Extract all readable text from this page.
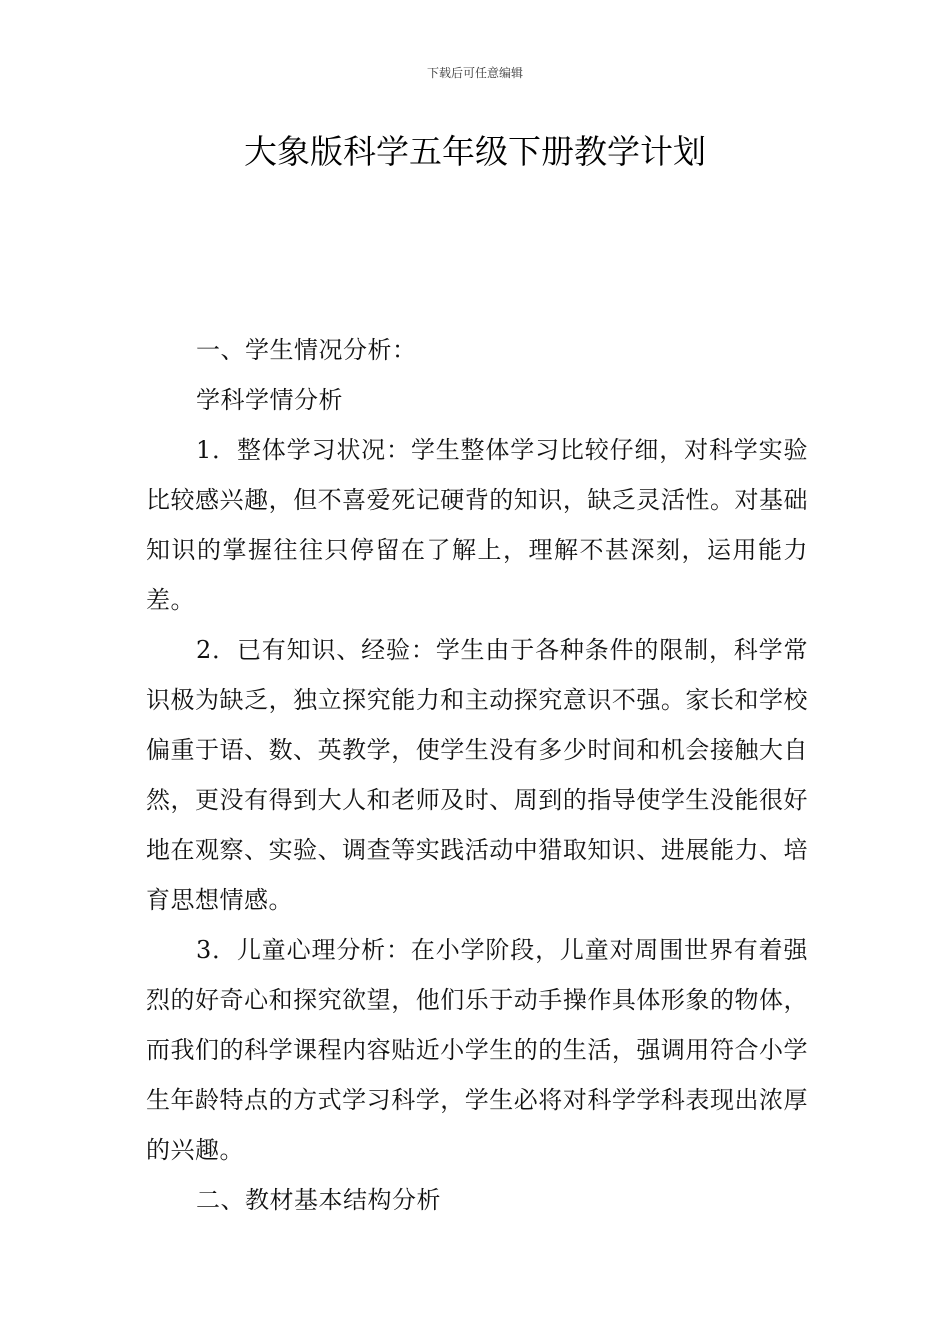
下载后可任意编辑
大象版科学五年级下册教学计划

一、学生情况分析：

学科学情分析

1．整体学习状况：学生整体学习比较仔细，对科学实验比较感兴趣，但不喜爱死记硬背的知识，缺乏灵活性。对基础知识的掌握往往只停留在了解上，理解不甚深刻，运用能力差。

2．已有知识、经验：学生由于各种条件的限制，科学常识极为缺乏，独立探究能力和主动探究意识不强。家长和学校偏重于语、数、英教学，使学生没有多少时间和机会接触大自然，更没有得到大人和老师及时、周到的指导使学生没能很好地在观察、实验、调查等实践活动中猎取知识、进展能力、培育思想情感。

3．儿童心理分析：在小学阶段，儿童对周围世界有着强烈的好奇心和探究欲望，他们乐于动手操作具体形象的物体，而我们的科学课程内容贴近小学生的的生活，强调用符合小学生年龄特点的方式学习科学，学生必将对科学学科表现出浓厚的兴趣。

二、教材基本结构分析
